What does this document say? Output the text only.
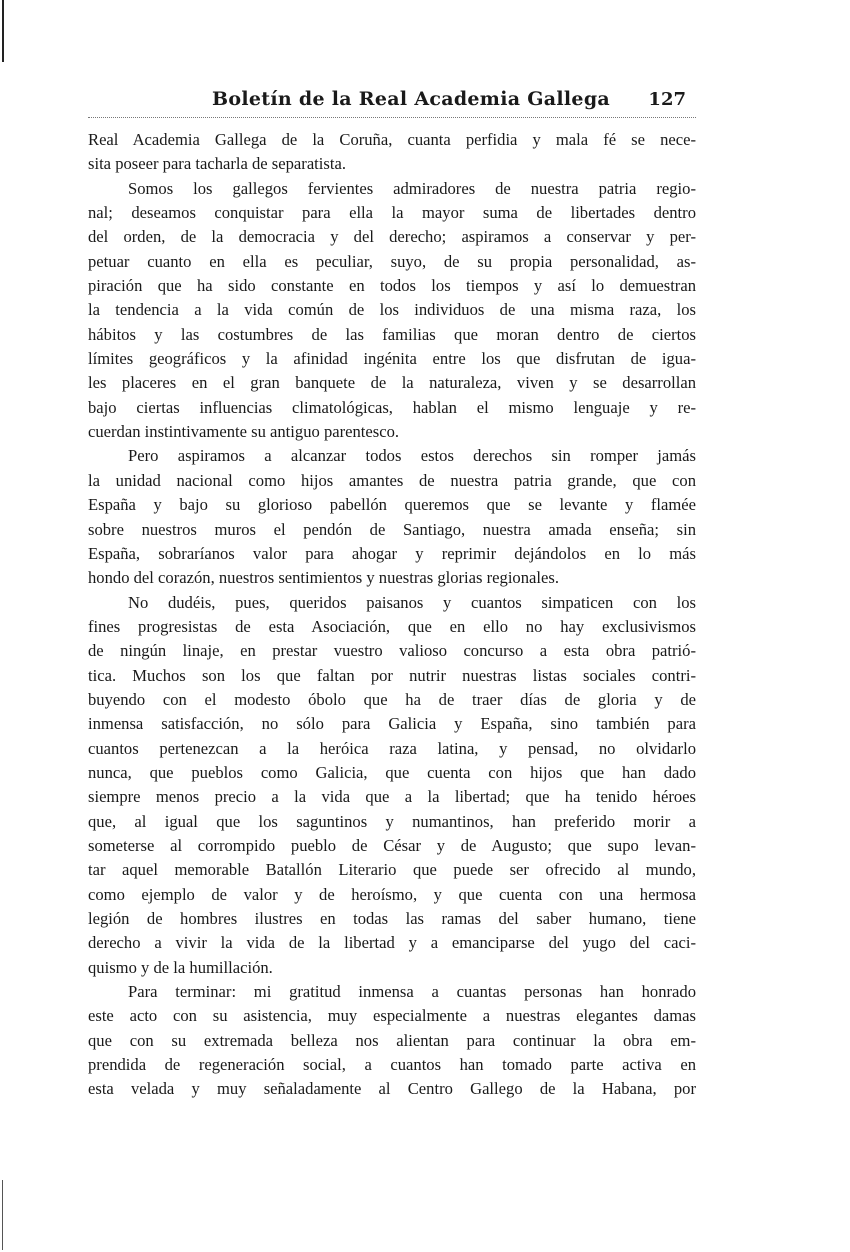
Boletín de la Real Academia Gallega 127
Real Academia Gallega de la Coruña, cuanta perfidia y mala fé se nece-
sita poseer para tacharla de separatista.
Somos los gallegos fervientes admiradores de nuestra patria regio-
nal; deseamos conquistar para ella la mayor suma de libertades dentro
del orden, de la democracia y del derecho; aspiramos a conservar y per-
petuar cuanto en ella es peculiar, suyo, de su propia personalidad, as-
piración que ha sido constante en todos los tiempos y así lo demuestran
la tendencia a la vida común de los individuos de una misma raza, los
hábitos y las costumbres de las familias que moran dentro de ciertos
límites geográficos y la afinidad ingénita entre los que disfrutan de igua-
les placeres en el gran banquete de la naturaleza, viven y se desarrollan
bajo ciertas influencias climatológicas, hablan el mismo lenguaje y re-
cuerdan instintivamente su antiguo parentesco.
Pero aspiramos a alcanzar todos estos derechos sin romper jamás
la unidad nacional como hijos amantes de nuestra patria grande, que con
España y bajo su glorioso pabellón queremos que se levante y flamée
sobre nuestros muros el pendón de Santiago, nuestra amada enseña; sin
España, sobraríanos valor para ahogar y reprimir dejándolos en lo más
hondo del corazón, nuestros sentimientos y nuestras glorias regionales.
No dudéis, pues, queridos paisanos y cuantos simpaticen con los
fines progresistas de esta Asociación, que en ello no hay exclusivismos
de ningún linaje, en prestar vuestro valioso concurso a esta obra patrió-
tica. Muchos son los que faltan por nutrir nuestras listas sociales contri-
buyendo con el modesto óbolo que ha de traer días de gloria y de
inmensa satisfacción, no sólo para Galicia y España, sino también para
cuantos pertenezcan a la heróica raza latina, y pensad, no olvidarlo
nunca, que pueblos como Galicia, que cuenta con hijos que han dado
siempre menos precio a la vida que a la libertad; que ha tenido héroes
que, al igual que los saguntinos y numantinos, han preferido morir a
someterse al corrompido pueblo de César y de Augusto; que supo levan-
tar aquel memorable Batallón Literario que puede ser ofrecido al mundo,
como ejemplo de valor y de heroísmo, y que cuenta con una hermosa
legión de hombres ilustres en todas las ramas del saber humano, tiene
derecho a vivir la vida de la libertad y a emanciparse del yugo del caci-
quismo y de la humillación.
Para terminar: mi gratitud inmensa a cuantas personas han honrado
este acto con su asistencia, muy especialmente a nuestras elegantes damas
que con su extremada belleza nos alientan para continuar la obra em-
prendida de regeneración social, a cuantos han tomado parte activa en
esta velada y muy señaladamente al Centro Gallego de la Habana, por
